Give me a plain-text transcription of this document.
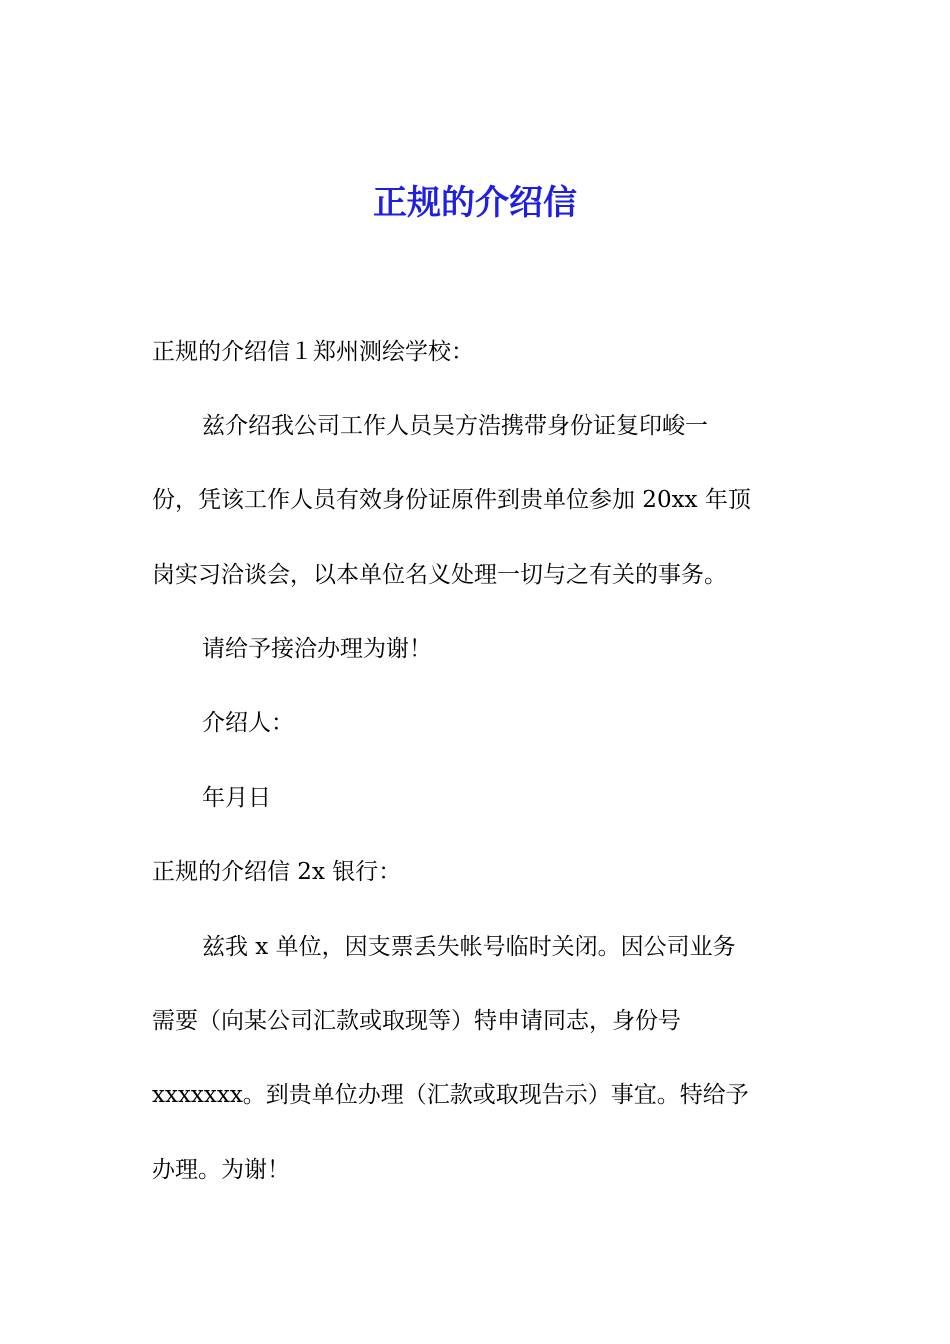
正规的介绍信

正规的介绍信１郑州测绘学校：

兹介绍我公司工作人员吴方浩携带身份证复印峻一

份，凭该工作人员有效身份证原件到贵单位参加 20xx 年顶

岗实习洽谈会，以本单位名义处理一切与之有关的事务。

请给予接洽办理为谢！

介绍人：

年月日

正规的介绍信 2x 银行：

兹我 x 单位，因支票丢失帐号临时关闭。因公司业务

需要（向某公司汇款或取现等）特申请同志，身份号

xxxxxxx。到贵单位办理（汇款或取现告示）事宜。特给予

办理。为谢！
